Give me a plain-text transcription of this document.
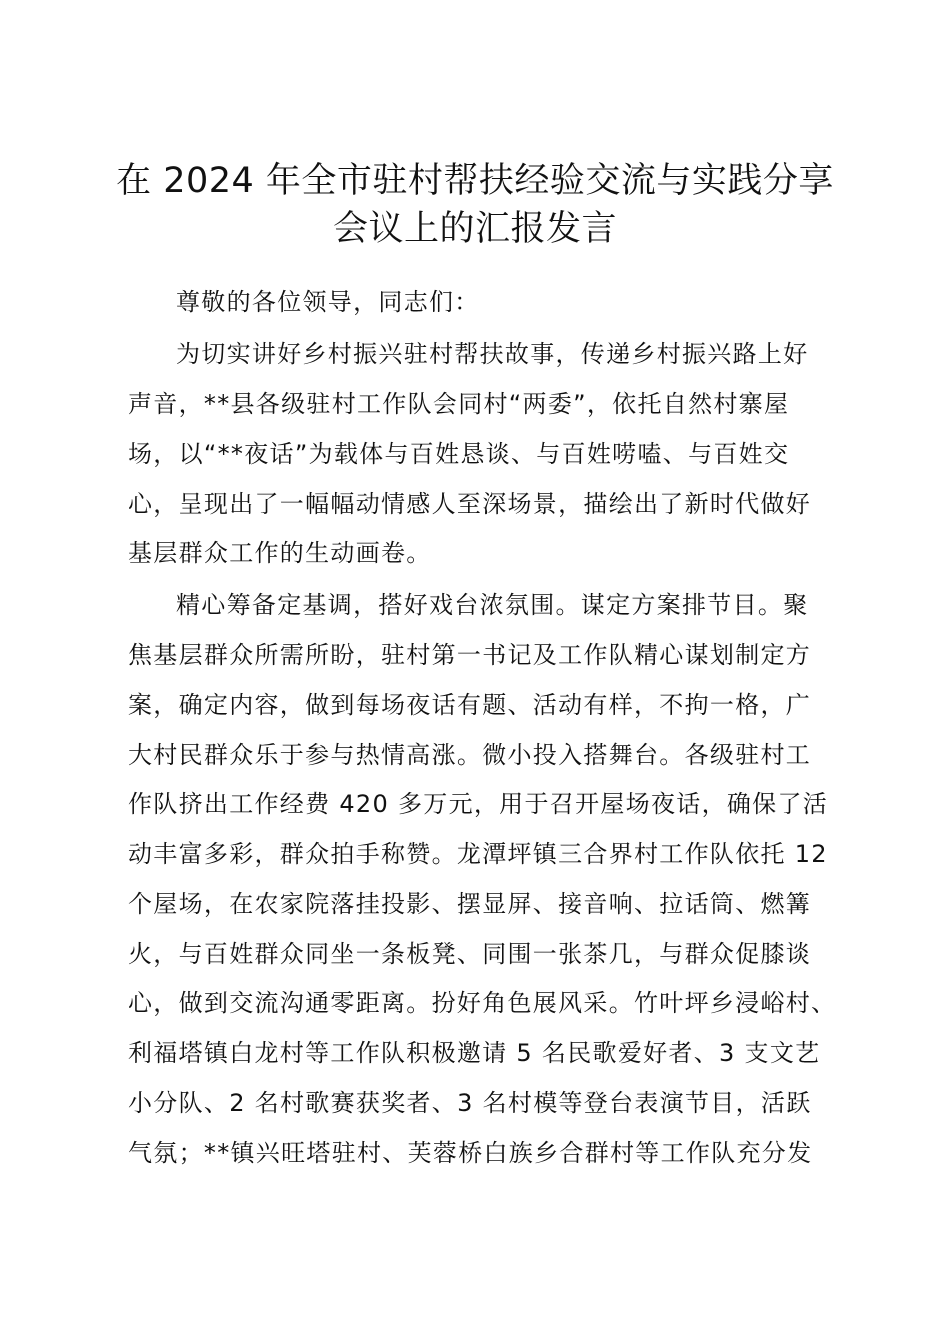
在 2024 年全市驻村帮扶经验交流与实践分享
会议上的汇报发言
尊敬的各位领导，同志们：
为切实讲好乡村振兴驻村帮扶故事，传递乡村振兴路上好
声音，**县各级驻村工作队会同村“两委”，依托自然村寨屋
场，以“**夜话”为载体与百姓恳谈、与百姓唠嗑、与百姓交
心，呈现出了一幅幅动情感人至深场景，描绘出了新时代做好
基层群众工作的生动画卷。
精心筹备定基调，搭好戏台浓氛围。谋定方案排节目。聚
焦基层群众所需所盼，驻村第一书记及工作队精心谋划制定方
案，确定内容，做到每场夜话有题、活动有样，不拘一格，广
大村民群众乐于参与热情高涨。微小投入搭舞台。各级驻村工
作队挤出工作经费 420 多万元，用于召开屋场夜话，确保了活
动丰富多彩，群众拍手称赞。龙潭坪镇三合界村工作队依托 12
个屋场，在农家院落挂投影、摆显屏、接音响、拉话筒、燃篝
火，与百姓群众同坐一条板凳、同围一张茶几，与群众促膝谈
心，做到交流沟通零距离。扮好角色展风采。竹叶坪乡浸峪村、
利福塔镇白龙村等工作队积极邀请 5 名民歌爱好者、3 支文艺
小分队、2 名村歌赛获奖者、3 名村模等登台表演节目，活跃
气氛；**镇兴旺塔驻村、芙蓉桥白族乡合群村等工作队充分发
